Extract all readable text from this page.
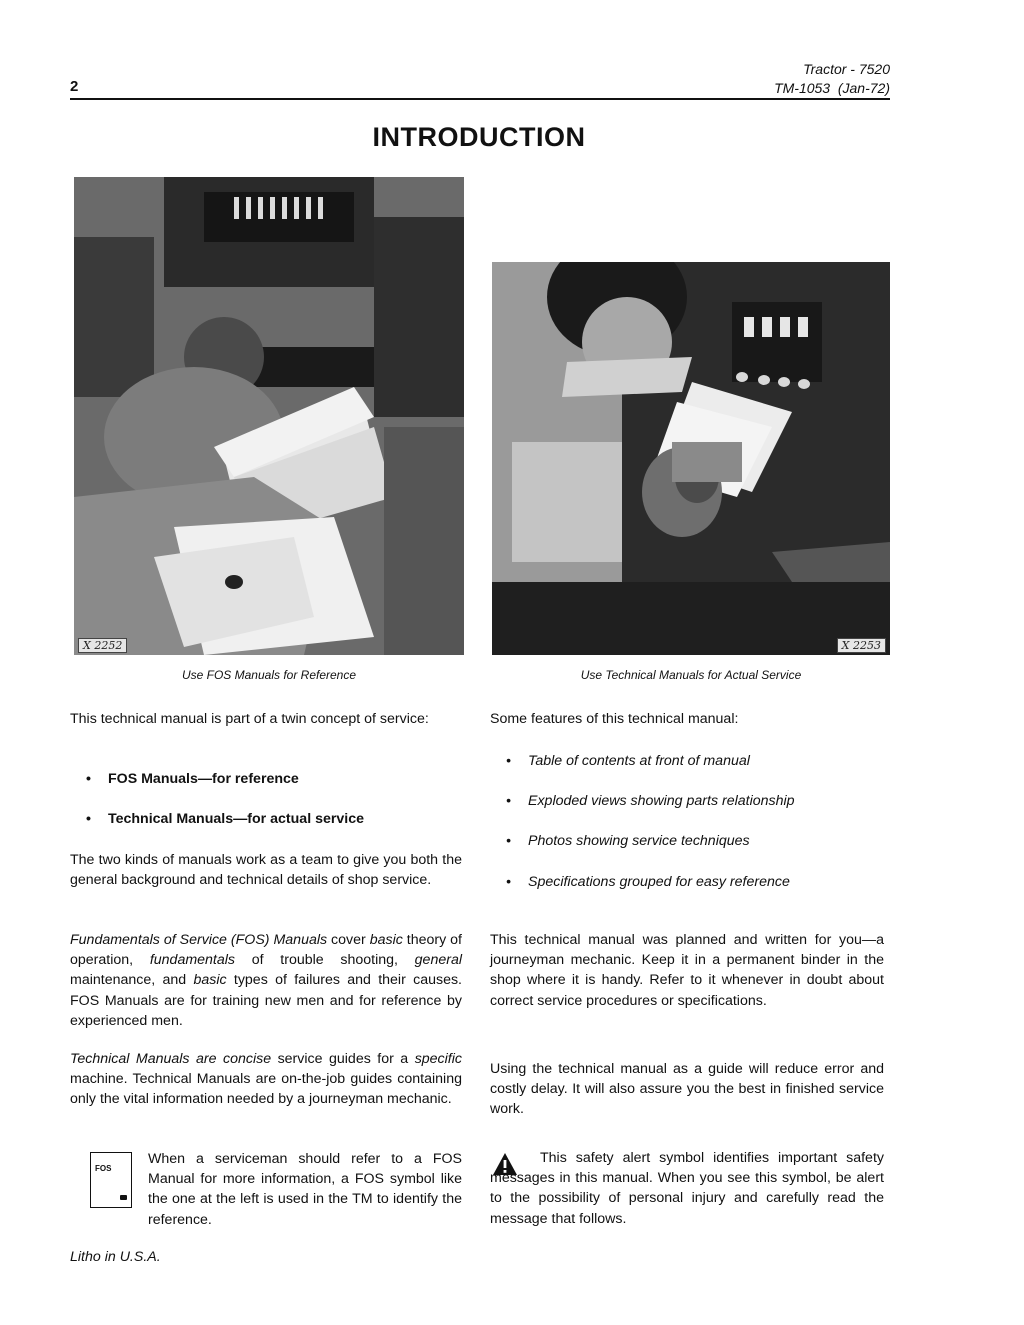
2
Tractor - 7520
TM-1053  (Jan-72)
INTRODUCTION
X 2252
Use FOS Manuals for Reference
X 2253
Use Technical Manuals for Actual Service
This technical manual is part of a twin concept of service:
• FOS Manuals—for reference
• Technical Manuals—for actual service
The two kinds of manuals work as a team to give you both the general background and technical details of shop service.
Fundamentals of Service (FOS) Manuals cover basic theory of operation, fundamentals of trouble shooting, general maintenance, and basic types of failures and their causes. FOS Manuals are for training new men and for reference by experienced men.
Technical Manuals are concise service guides for a specific machine. Technical Manuals are on-the-job guides containing only the vital information needed by a journeyman mechanic.
FOS
When a serviceman should refer to a FOS Manual for more information, a FOS symbol like the one at the left is used in the TM to identify the reference.
Some features of this technical manual:
• Table of contents at front of manual
• Exploded views showing parts relationship
• Photos showing service techniques
• Specifications grouped for easy reference
This technical manual was planned and written for you—a journeyman mechanic. Keep it in a permanent binder in the shop where it is handy. Refer to it whenever in doubt about correct service procedures or specifications.
Using the technical manual as a guide will reduce error and costly delay. It will also assure you the best in finished service work.
This safety alert symbol identifies important safety messages in this manual. When you see this symbol, be alert to the possibility of personal injury and carefully read the message that follows.
Litho in U.S.A.
